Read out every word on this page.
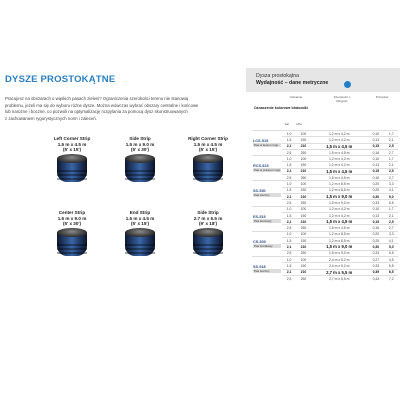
DYSZE PROSTOKĄTNE

Pracujesz na obszarach o wąskich pasach zieleni? Ograniczenia szerokości terenu nie stanowią

problemu, jeżeli ma się do wyboru różne dysze. Można wówczas wybrać obszary centralne i końcowe

lub narożne i boczne, co pozwoli na optymalizację rozpylania za pomocą dysz skonstruowanych

z zachowaniem rygorystycznych norm i zaleceń.

Left Corner Strip
1.5 m x 4.5 m
(5' x 15')
Side Strip
1.5 m x 9.0 m
(5' x 30')
Right Corner Strip
1.5 m x 4.5 m
(5' x 15')
Center Strip
1.5 m x 9.0 m
(5' x 30')
End Strip
1.5 m x 4.5 m
(5' x 15')
Side Strip
2.7 m x 5.5 m
(9' x 18')
Dysza prostokątna
Wydajność – dane metryczne
Ciśnienie	Szerokość x Długość
Przepływ
Oznaczenie kolorowe bhdoodki
bar	kPa
LCS-515
Pas w lewym rogu	1,0	100	1,2 m x 4,2 m	0,10	1,7
	1,5	150	1,2 m x 4,2 m	0,13	2,1
	2,1	210	1,5 m x 4,5 m	0,15	2,5
	2,5	250	1,5 m x 4,5 m	0,16	2,7
RCS-515
Pas w prawym rogu	1,0	100	1,2 m x 4,2 m	0,10	1,7
	1,5	150	1,2 m x 4,2 m	0,13	2,1
	2,1	210	1,5 m x 4,5 m	0,15	2,5
	2,5	250	1,5 m x 4,5 m	0,16	2,7
SS-530
Pas boczny	1,0	100	1,2 m x 8,5 m	0,20	3,3
	1,5	150	1,2 m x 8,5 m	0,25	4,1
	2,1	210	1,5 m x 9,0 m	0,30	5,0
	2,5	250	1,5 m x 9,0 m	0,33	5,5
ES-515
Pas końcowy	1,0	100	1,2 m x 4,2 m	0,10	1,7
	1,5	150	1,2 m x 4,2 m	0,13	2,1
	2,1	210	1,5 m x 4,5 m	0,15	2,5
	2,5	250	1,5 m x 4,5 m	0,16	2,7
CS-530
Pas środkowy	1,0	100	1,2 m x 8,5 m	0,20	3,3
	1,5	150	1,2 m x 8,5 m	0,25	4,1
	2,1	210	1,5 m x 9,0 m	0,30	5,0
	2,5	250	1,5 m x 9,0 m	0,33	5,5
SS-918
Pas boczny	1,0	100	2,4 m x 5,2 m	0,27	4,5
	1,5	150	2,4 m x 5,2 m	0,33	5,5
	2,1	210	2,7 m x 5,5 m	0,39	6,5
	2,5	250	2,7 m x 5,5 m	0,43	7,2
